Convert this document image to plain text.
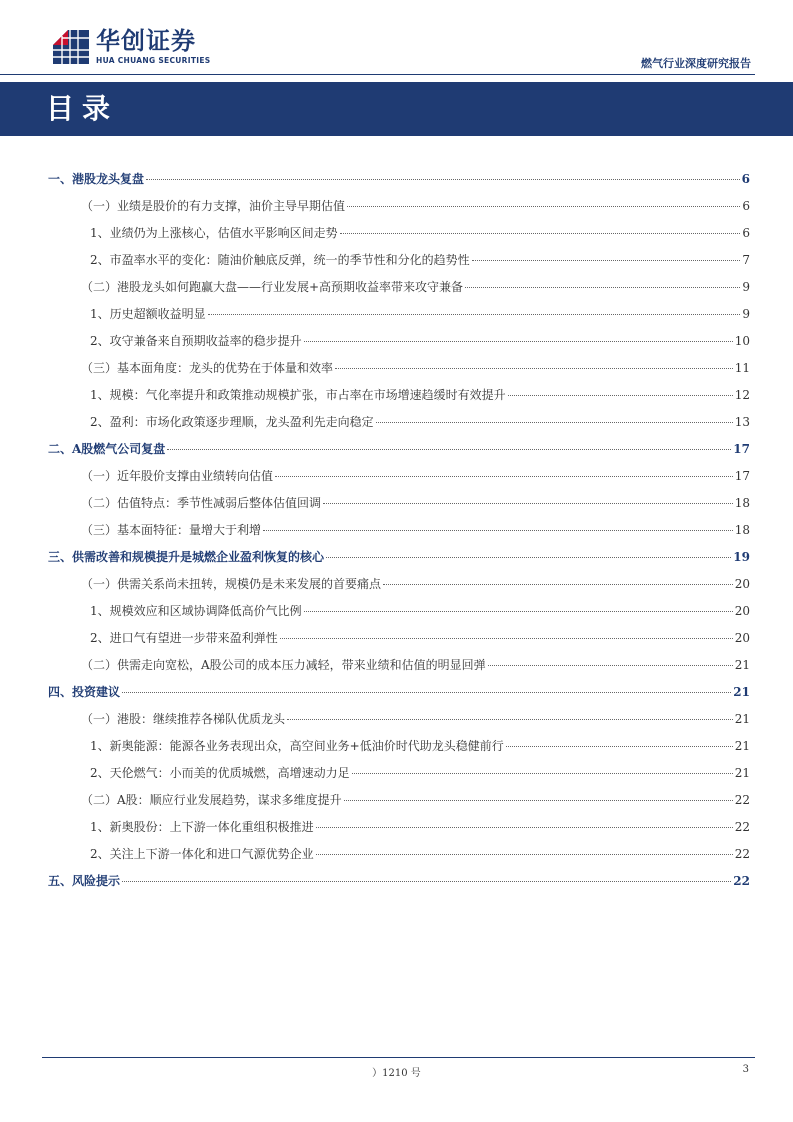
华创证券
HUA CHUANG SECURITIES	燃气行业深度研究报告
目录
一、港股龙头复盘	6
（一）业绩是股价的有力支撑，油价主导早期估值	6
1、业绩仍为上涨核心，估值水平影响区间走势	6
2、市盈率水平的变化：随油价触底反弹，统一的季节性和分化的趋势性	7
（二）港股龙头如何跑赢大盘——行业发展+高预期收益率带来攻守兼备	9
1、历史超额收益明显	9
2、攻守兼备来自预期收益率的稳步提升	10
（三）基本面角度：龙头的优势在于体量和效率	11
1、规模：气化率提升和政策推动规模扩张，市占率在市场增速趋缓时有效提升	12
2、盈利：市场化政策逐步理顺，龙头盈利先走向稳定	13
二、A股燃气公司复盘	17
（一）近年股价支撑由业绩转向估值	17
（二）估值特点：季节性减弱后整体估值回调	18
（三）基本面特征：量增大于利增	18
三、供需改善和规模提升是城燃企业盈利恢复的核心	19
（一）供需关系尚未扭转，规模仍是未来发展的首要痛点	20
1、规模效应和区域协调降低高价气比例	20
2、进口气有望进一步带来盈利弹性	20
（二）供需走向宽松，A股公司的成本压力减轻，带来业绩和估值的明显回弹	21
四、投资建议	21
（一）港股：继续推荐各梯队优质龙头	21
1、新奥能源：能源各业务表现出众，高空间业务+低油价时代助龙头稳健前行	21
2、天伦燃气：小而美的优质城燃，高增速动力足	21
（二）A股：顺应行业发展趋势，谋求多维度提升	22
1、新奥股份：上下游一体化重组积极推进	22
2、关注上下游一体化和进口气源优势企业	22
五、风险提示	22
）1210 号	3
